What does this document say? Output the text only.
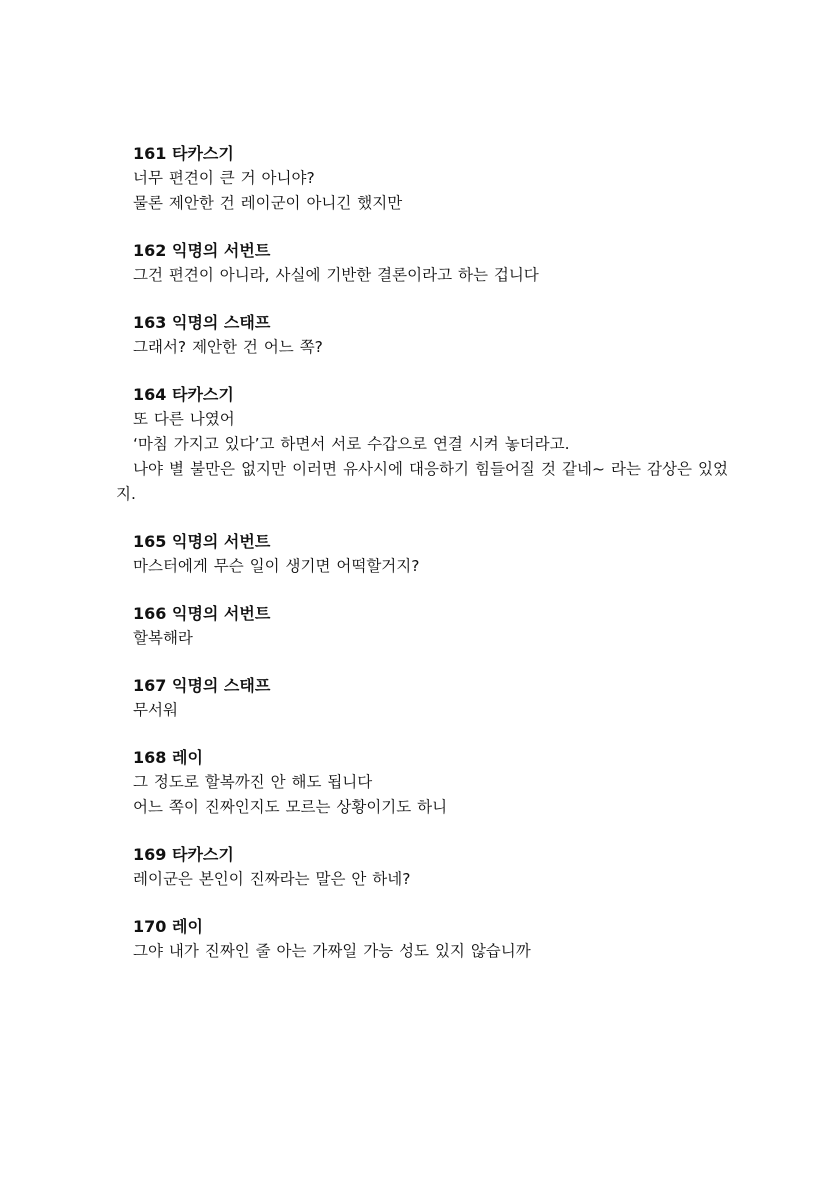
161 타카스기
너무 편견이 큰 거 아니야?
물론 제안한 건 레이군이 아니긴 했지만
162 익명의 서번트
그건 편견이 아니라, 사실에 기반한 결론이라고 하는 겁니다
163 익명의 스태프
그래서? 제안한 건 어느 쪽?
164 타카스기
또 다른 나였어
‘마침 가지고 있다’고 하면서 서로 수갑으로 연결 시켜 놓더라고.
나야 별 불만은 없지만 이러면 유사시에 대응하기 힘들어질 것 같네~ 라는 감상은 있었지.
165 익명의 서번트
마스터에게 무슨 일이 생기면 어떡할거지?
166 익명의 서번트
할복해라
167 익명의 스태프
무서워
168 레이
그 정도로 할복까진 안 해도 됩니다
어느 쪽이 진짜인지도 모르는 상황이기도 하니
169 타카스기
레이군은 본인이 진짜라는 말은 안 하네?
170 레이
그야 내가 진짜인 줄 아는 가짜일 가능 성도 있지 않습니까
